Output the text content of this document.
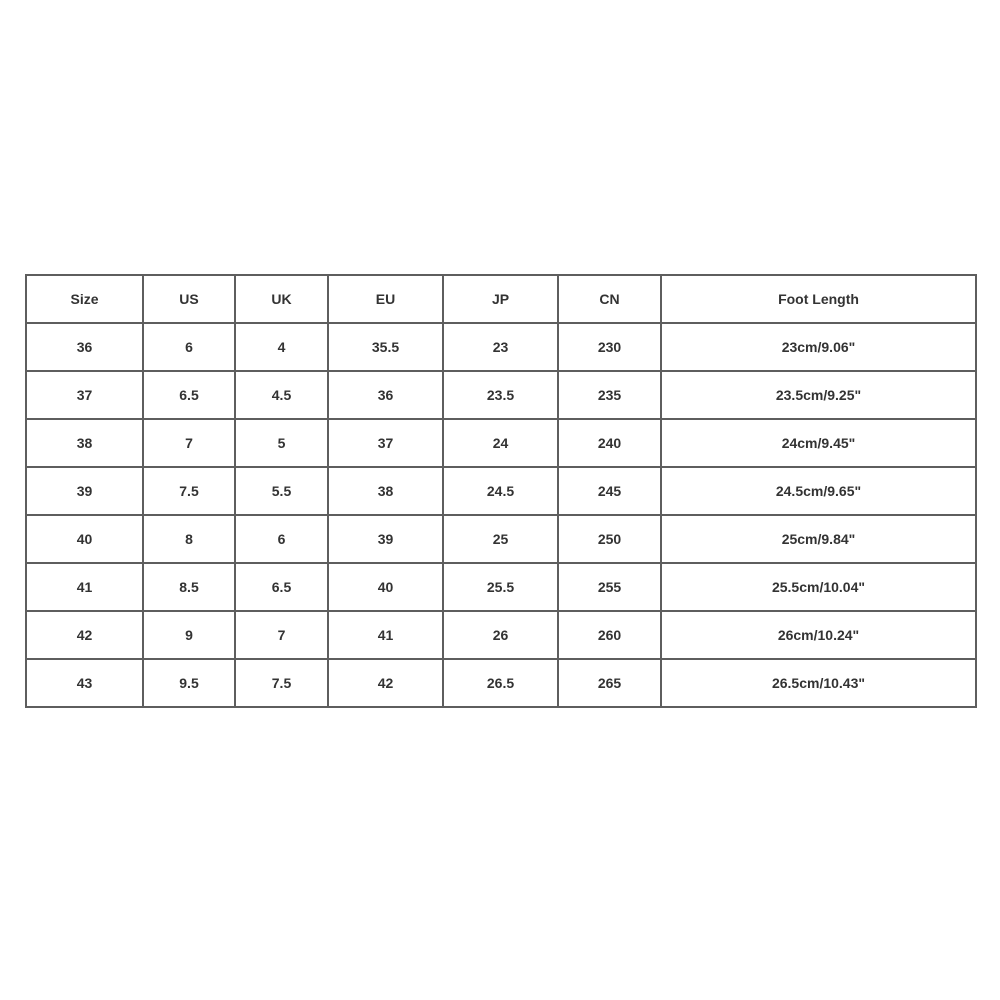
Size	US	UK	EU	JP	CN	Foot Length
36	6	4	35.5	23	230	23cm/9.06"
37	6.5	4.5	36	23.5	235	23.5cm/9.25"
38	7	5	37	24	240	24cm/9.45"
39	7.5	5.5	38	24.5	245	24.5cm/9.65"
40	8	6	39	25	250	25cm/9.84"
41	8.5	6.5	40	25.5	255	25.5cm/10.04"
42	9	7	41	26	260	26cm/10.24"
43	9.5	7.5	42	26.5	265	26.5cm/10.43"
